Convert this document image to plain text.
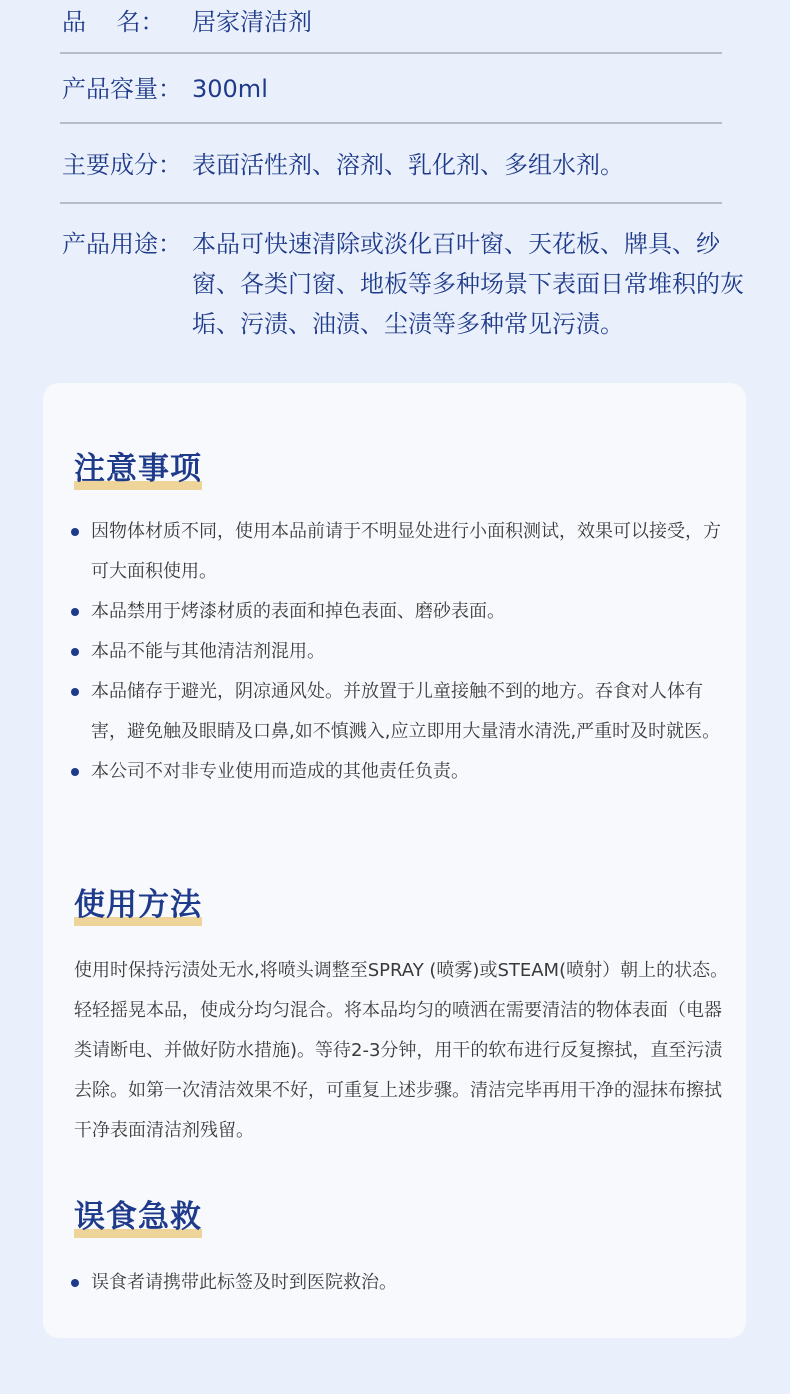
品    名：	居家清洁剂
产品容量： 300ml
主要成分： 表面活性剂、溶剂、乳化剂、多组水剂。
产品用途： 本品可快速清除或淡化百叶窗、天花板、牌具、纱窗、各类门窗、地板等多种场景下表面日常堆积的灰垢、污渍、油渍、尘渍等多种常见污渍。
注意事项
因物体材质不同，使用本品前请于不明显处进行小面积测试，效果可以接受，方可大面积使用。
本品禁用于烤漆材质的表面和掉色表面、磨砂表面。
本品不能与其他清洁剂混用。
本品储存于避光，阴凉通风处。并放置于儿童接触不到的地方。吞食对人体有害，避免触及眼睛及口鼻,如不慎溅入,应立即用大量清水清洗,严重时及时就医。
本公司不对非专业使用而造成的其他责任负责。
使用方法

使用时保持污渍处无水,将喷头调整至SPRAY (喷雾)或STEAM(喷射）朝上的状态。轻轻摇晃本品，使成分均匀混合。将本品均匀的喷洒在需要清洁的物体表面（电器类请断电、并做好防水措施)。等待2-3分钟，用干的软布进行反复擦拭，直至污渍去除。如第一次清洁效果不好，可重复上述步骤。清洁完毕再用干净的湿抹布擦拭干净表面清洁剂残留。

误食急救
误食者请携带此标签及时到医院救治。
